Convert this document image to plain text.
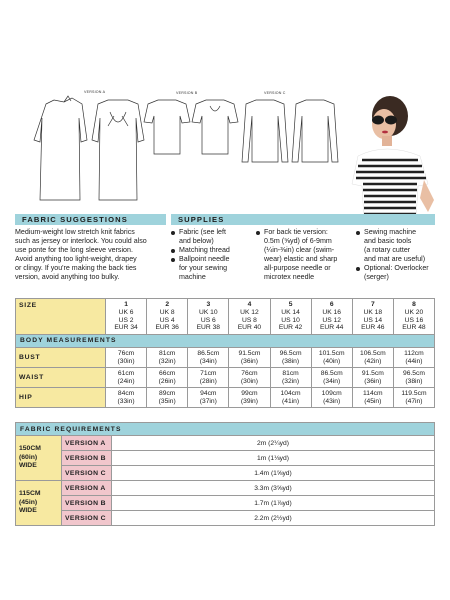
VERSION A	VERSION B	VERSION C
FABRIC SUGGESTIONS
Medium-weight low stretch knit fabrics
such as jersey or interlock. You could also
use ponte for the long sleeve version.
Avoid anything too light-weight, drapey
or clingy. If you're making the back ties
version, avoid anything too bulky.
SUPPLIES
Fabric (see left
and below)
Matching thread
Ballpoint needle
for your sewing
machine
For back tie version:
0.5m (⅝yd) of 6-9mm
(¼in-⅜in) clear (swim-
wear) elastic and sharp
all-purpose needle or
microtex needle
Sewing machine
and basic tools
(a rotary cutter
and mat are useful)
Optional: Overlocker
(serger)
SIZE	1
UK 6
US 2
EUR 34	2
UK 8
US 4
EUR 36	3
UK 10
US 6
EUR 38	4
UK 12
US 8
EUR 40	5
UK 14
US 10
EUR 42	6
UK 16
US 12
EUR 44	7
UK 18
US 14
EUR 46	8
UK 20
US 16
EUR 48
BODY MEASUREMENTS								
BUST	76cm
(30in)	81cm
(32in)	86.5cm
(34in)	91.5cm
(36in)	96.5cm
(38in)	101.5cm
(40in)	106.5cm
(42in)	112cm
(44in)
WAIST	61cm
(24in)	66cm
(26in)	71cm
(28in)	76cm
(30in)	81cm
(32in)	86.5cm
(34in)	91.5cm
(36in)	96.5cm
(38in)
HIP	84cm
(33in)	89cm
(35in)	94cm
(37in)	99cm
(39in)	104cm
(41in)	109cm
(43in)	114cm
(45in)	119.5cm
(47in)
FABRIC REQUIREMENTS		
150CM
(60in)
WIDE	VERSION A	2m (2¼yd)
	VERSION B	1m (1⅛yd)
	VERSION C	1.4m (1⅝yd)
115CM
(45in)
WIDE	VERSION A	3.3m (3⅝yd)
	VERSION B	1.7m (1⅞yd)
	VERSION C	2.2m (2½yd)
